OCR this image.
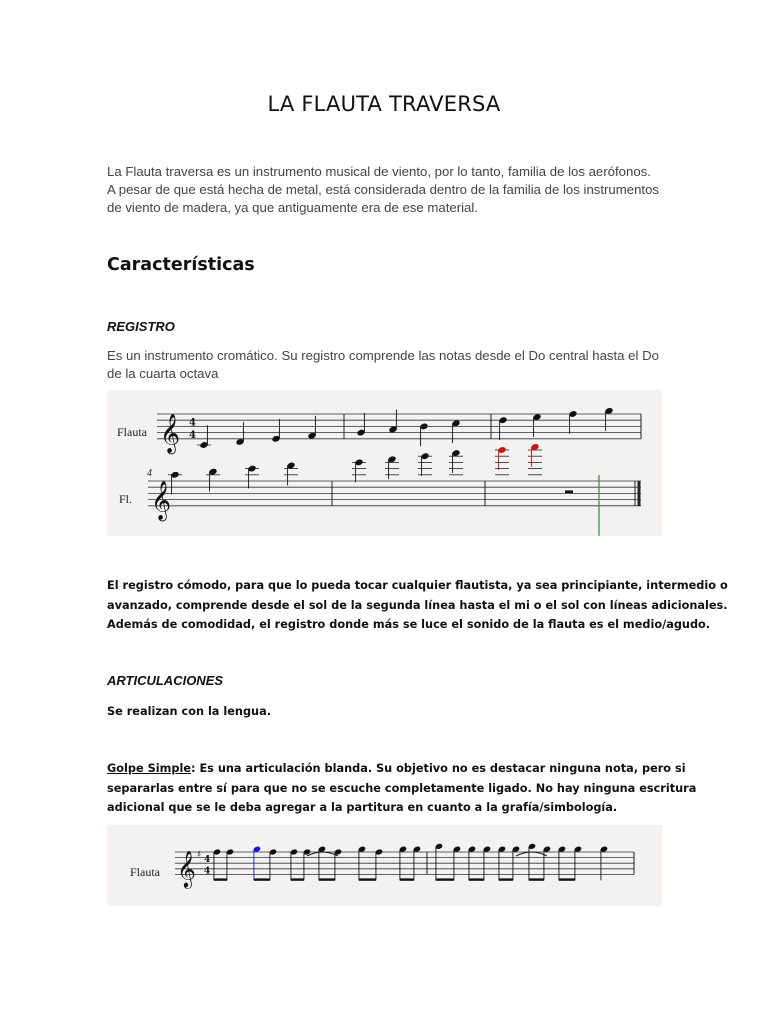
LA FLAUTA TRAVERSA
La Flauta traversa es un instrumento musical de viento, por lo tanto, familia de los aerófonos.
A pesar de que está hecha de metal, está considerada dentro de la familia de los instrumentos
de viento de madera, ya que antiguamente era de ese material.
Características
REGISTRO
Es un instrumento cromático. Su registro comprende las notas desde el Do central hasta el Do
de la cuarta octava
Flauta
Fl.
4
𝄞 4
4
𝄞
El registro cómodo, para que lo pueda tocar cualquier flautista, ya sea principiante, intermedio o
avanzado, comprende desde el sol de la segunda línea hasta el mi o el sol con líneas adicionales.
Además de comodidad, el registro donde más se luce el sonido de la flauta es el medio/agudo.
ARTICULACIONES
Se realizan con la lengua.
Golpe Simple: Es una articulación blanda. Su objetivo no es destacar ninguna nota, pero si
separarlas entre sí para que no se escuche completamente ligado. No hay ninguna escritura
adicional que se le deba agregar a la partitura en cuanto a la grafía/simbología.
Flauta 𝄞 ♯
4
4
